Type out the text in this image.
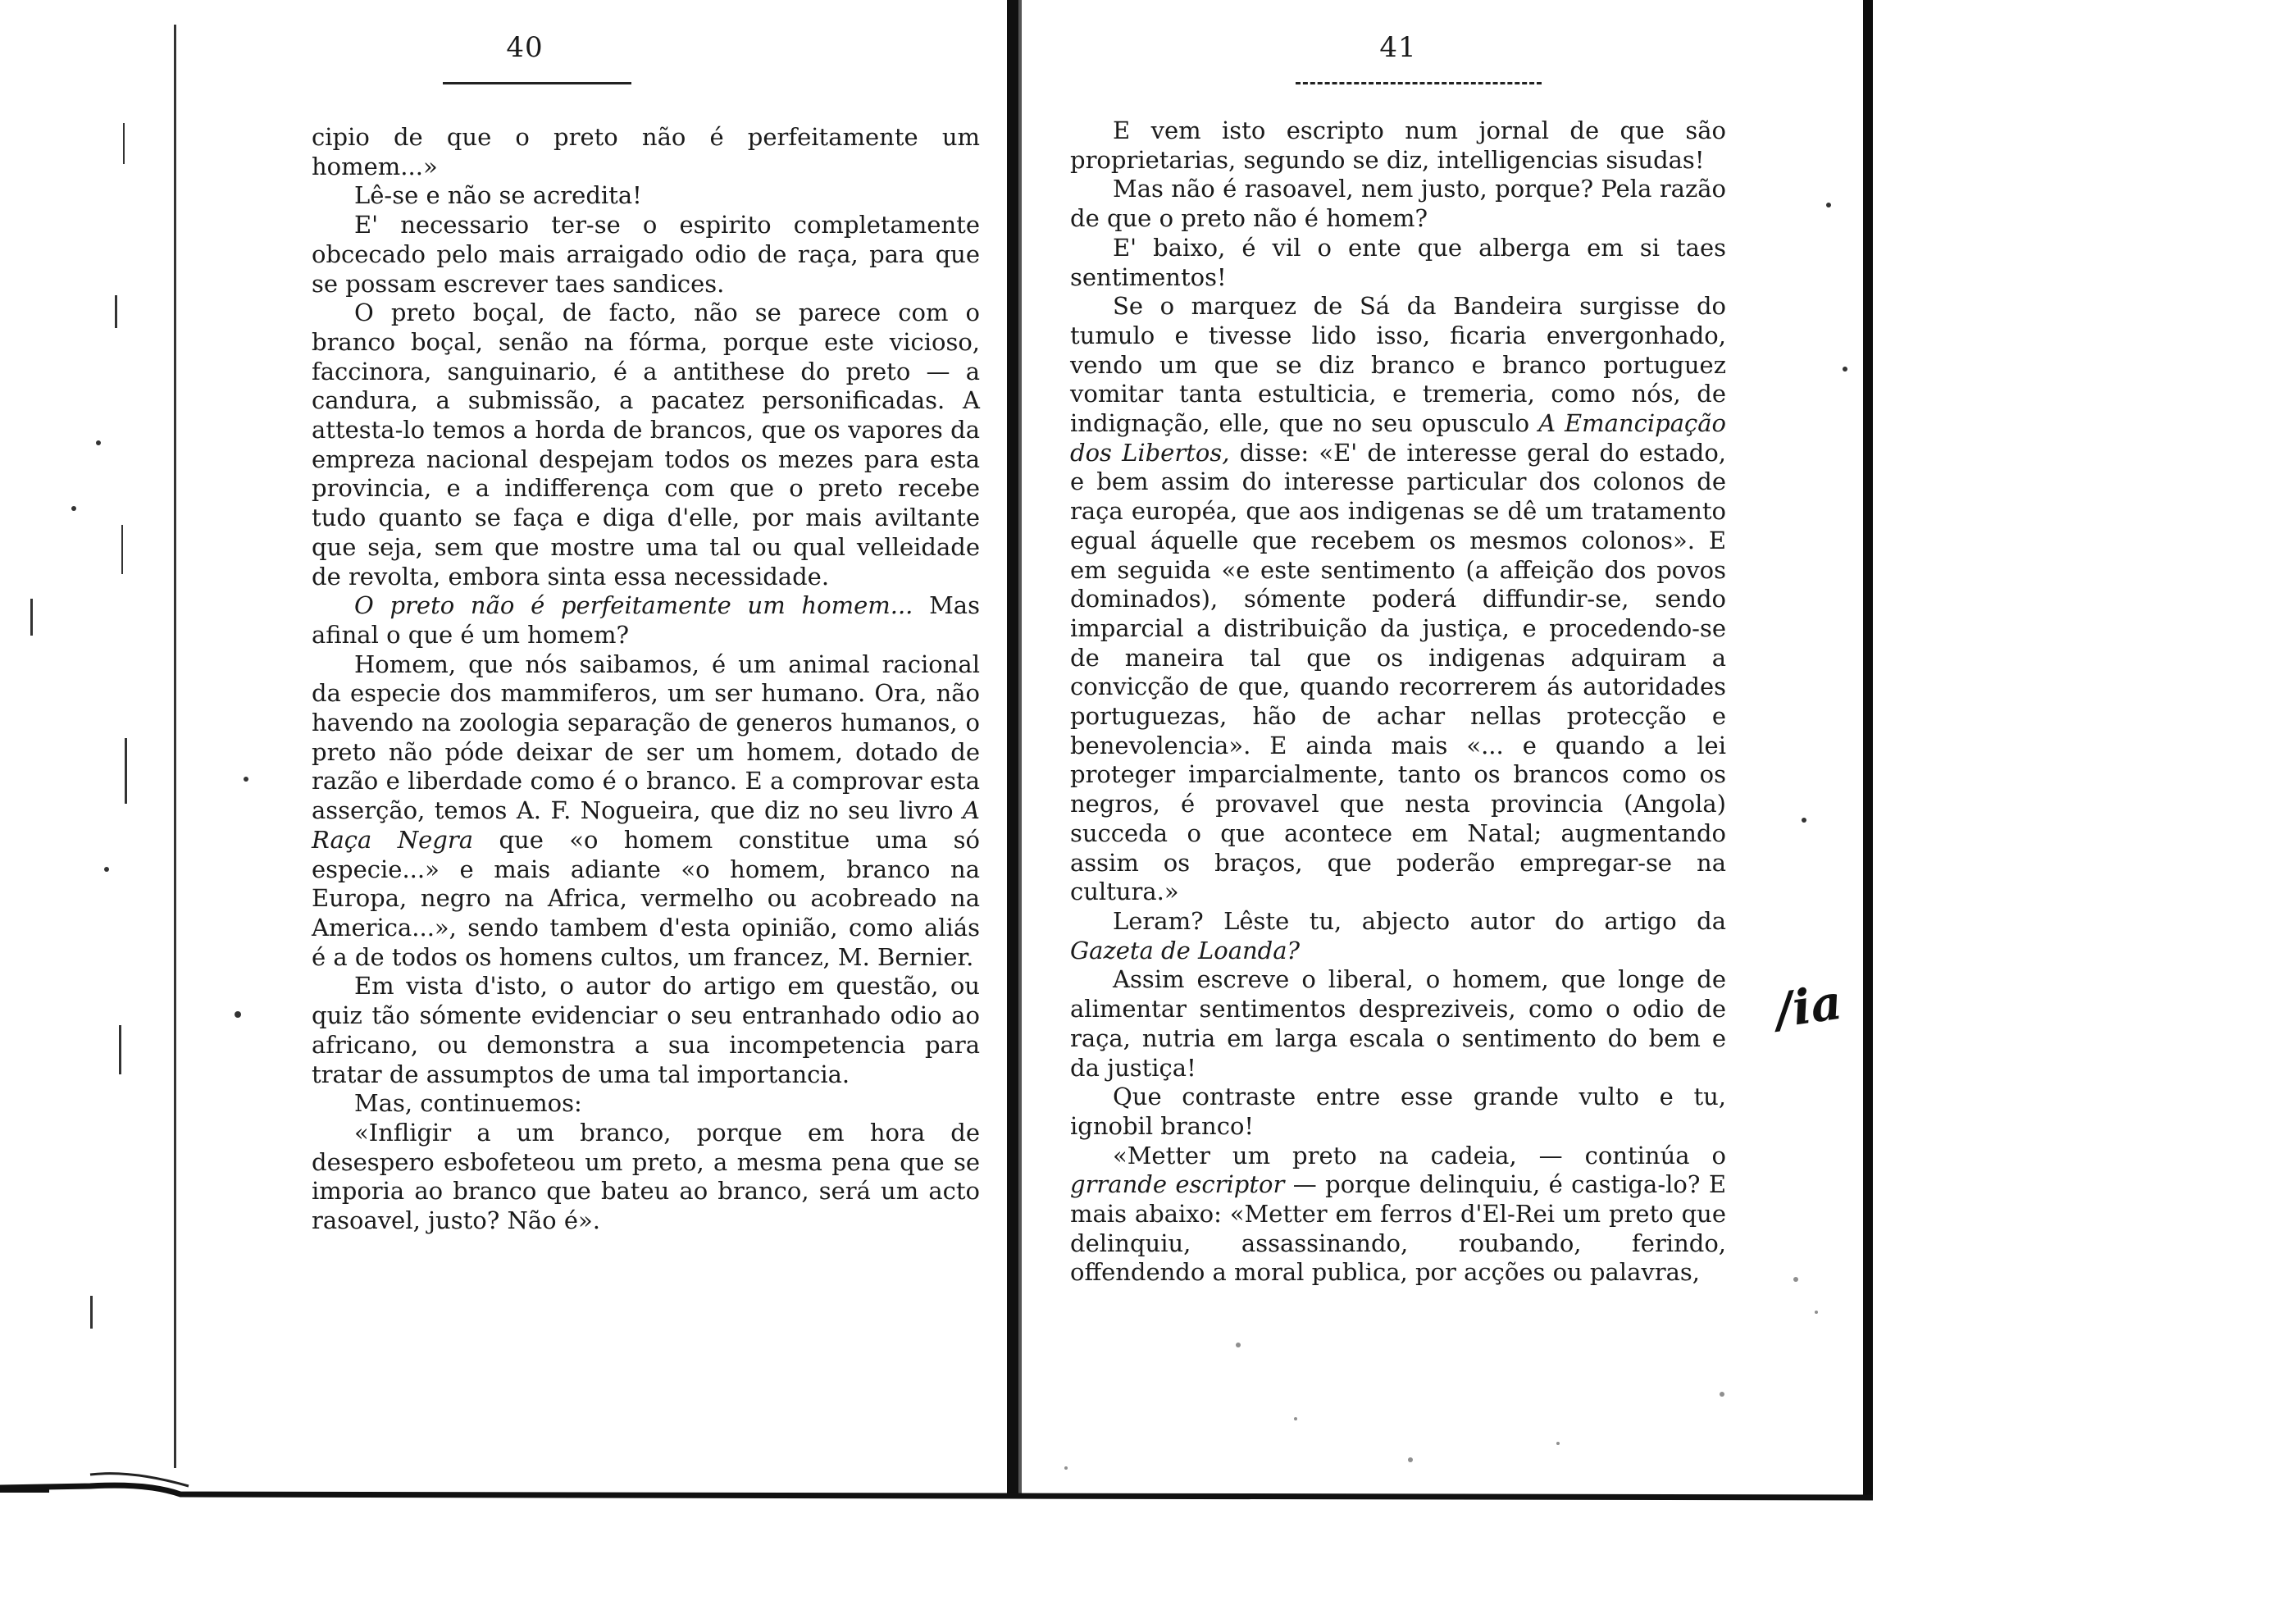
40

cipio de que o preto não é perfeitamente um homem...»

Lê-se e não se acredita!

E' necessario ter-se o espirito completamente obcecado pelo mais arraigado odio de raça, para que se possam escrever taes sandices.

O preto boçal, de facto, não se parece com o branco boçal, senão na fórma, porque este vicioso, faccinora, sanguinario, é a antithese do preto — a candura, a submissão, a pacatez personificadas. A attesta-lo temos a horda de brancos, que os vapores da empreza nacional despejam todos os mezes para esta provincia, e a indifferença com que o preto recebe tudo quanto se faça e diga d'elle, por mais aviltante que seja, sem que mostre uma tal ou qual velleidade de revolta, embora sinta essa necessidade.

O preto não é perfeitamente um homem... Mas afinal o que é um homem?

Homem, que nós saibamos, é um animal racional da especie dos mammiferos, um ser humano. Ora, não havendo na zoologia separação de generos humanos, o preto não póde deixar de ser um homem, dotado de razão e liberdade como é o branco. E a comprovar esta asserção, temos A. F. Nogueira, que diz no seu livro A Raça Negra que «o homem constitue uma só especie...» e mais adiante «o homem, branco na Europa, negro na Africa, vermelho ou acobreado na America...», sendo tambem d'esta opinião, como aliás é a de todos os homens cultos, um francez, M. Bernier.

Em vista d'isto, o autor do artigo em questão, ou quiz tão sómente evidenciar o seu entranhado odio ao africano, ou demonstra a sua incompetencia para tratar de assumptos de uma tal importancia.

Mas, continuemos:

«Infligir a um branco, porque em hora de desespero esbofeteou um preto, a mesma pena que se imporia ao branco que bateu ao branco, será um acto rasoavel, justo? Não é».

41

E vem isto escripto num jornal de que são proprietarias, segundo se diz, intelligencias sisudas!

Mas não é rasoavel, nem justo, porque? Pela razão de que o preto não é homem?

E' baixo, é vil o ente que alberga em si taes sentimentos!

Se o marquez de Sá da Bandeira surgisse do tumulo e tivesse lido isso, ficaria envergonhado, vendo um que se diz branco e branco portuguez vomitar tanta estulticia, e tremeria, como nós, de indignação, elle, que no seu opusculo A Emancipação dos Libertos, disse: «E' de interesse geral do estado, e bem assim do interesse particular dos colonos de raça européa, que aos indigenas se dê um tratamento egual áquelle que recebem os mesmos colonos». E em seguida «e este sentimento (a affeição dos povos dominados), sómente poderá diffundir-se, sendo imparcial a distribuição da justiça, e procedendo-se de maneira tal que os indigenas adquiram a convicção de que, quando recorrerem ás autoridades portuguezas, hão de achar nellas protecção e benevolencia». E ainda mais «... e quando a lei proteger imparcialmente, tanto os brancos como os negros, é provavel que nesta provincia (Angola) succeda o que acontece em Natal; augmentando assim os braços, que poderão empregar-se na cultura.»

Leram? Lêste tu, abjecto autor do artigo da Gazeta de Loanda?

Assim escreve o liberal, o homem, que longe de alimentar sentimentos despreziveis, como o odio de raça, nutria em larga escala o sentimento do bem e da justiça!

Que contraste entre esse grande vulto e tu, ignobil branco!

«Metter um preto na cadeia, — continúa o grrande escriptor — porque delinquiu, é castiga-lo? E mais abaixo: «Metter em ferros d'El-Rei um preto que delinquiu, assassinando, roubando, ferindo, offendendo a moral publica, por acções ou palavras,

/ia
